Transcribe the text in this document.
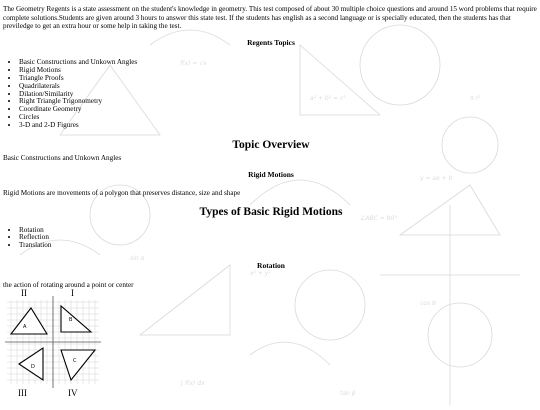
a² + b² = c²
f(x) = √x
y = ax + b
∠ABC = 90°
sin α
π r²
x² + y²
cos θ
∫ f(x) dx
tan β

The Geometry Regents is a state assessment on the student's knowledge in geometry. This test composed of about 30 multiple choice questions and around 15 word problems that require complete solutions.Students are given around 3 hours to answer this state test. If the students has english as a second language or is specially educated, then the students has that previledge to get an extra hour or some help in taking the test.

Regents Topics
• Basic Constructions and Unkown Angles
• Rigid Motions
• Triangle Proofs
• Quadrilaterals
• Dilation/Similarity
• Right Triangle Trigonometry
• Coordinate Geometry
• Circles
• 3-D and 2-D Figures
Topic Overview

Basic Constructions and Unkown Angles

Rigid Motions

Rigid Motions are movements of a polygon that preserves distance, size and shape

Types of Basic Rigid Motions
• Rotation
• Reflection
• Translation
Rotation

the action of rotating around a point or center

A
B
D
C
II	I
III	IV
